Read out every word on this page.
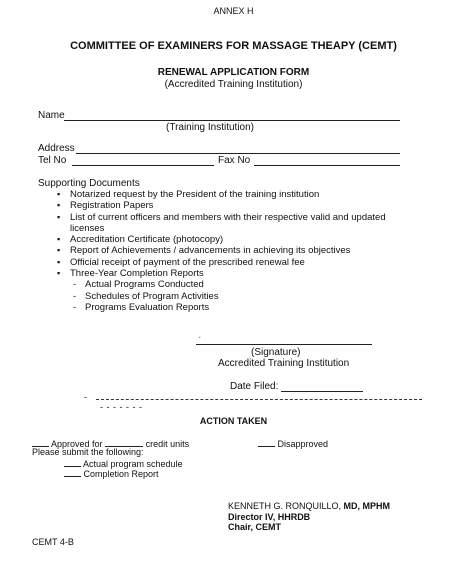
ANNEX H
COMMITTEE OF EXAMINERS FOR MASSAGE THEAPY (CEMT)
RENEWAL APPLICATION FORM
(Accredited Training Institution)
Name
(Training Institution)
Address
Tel No	Fax No
Supporting Documents
▪ Notarized request by the President of the training institution
▪ Registration Papers
▪ List of current officers and members with their respective valid and updated
licenses
▪ Accreditation Certificate (photocopy)
▪ Report of Achievements / advancements in achieving its objectives
▪ Official receipt of payment of the prescribed renewal fee
▪ Three-Year Completion Reports
- Actual Programs Conducted
- Schedules of Program Activities
- Programs Evaluation Reports
ˏ
(Signature)
Accredited Training Institution
Date Filed:
-
- - - - - - -
ACTION TAKEN
Approved for	credit units	Disapproved
Please submit the following:
Actual program schedule
Completion Report
KENNETH G. RONQUILLO, MD, MPHM
Director IV, HHRDB
Chair, CEMT
CEMT 4-B
